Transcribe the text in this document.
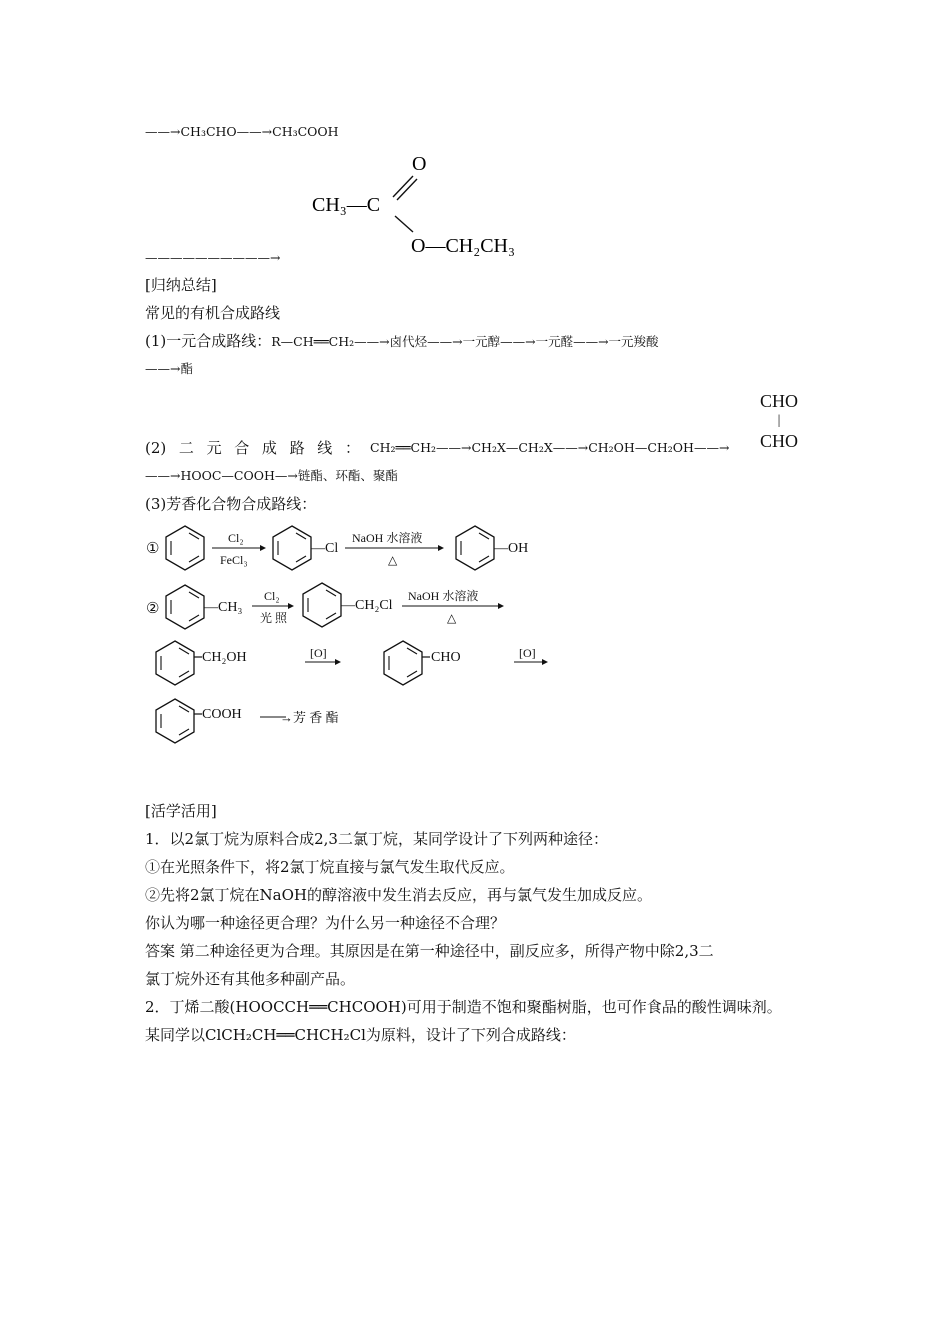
——→CH₃CHO——→CH₃COOH
O
CH₃—C
O—CH₂CH₃
——————————→
[归纳总结]
常见的有机合成路线
(1)一元合成路线：R—CH══CH₂——→卤代烃——→一元醇——→一元醛——→一元羧酸
——→酯
CHO
|
CHO
(2) 二 元 合 成 路 线 ： CH₂══CH₂——→CH₂X—CH₂X——→CH₂OH—CH₂OH——→
——→HOOC—COOH—→链酯、环酯、聚酯
(3)芳香化合物合成路线：
①
Cl₂
FeCl₃
—Cl
NaOH 水溶液
△
—OH
②	—CH₃
Cl₂
光 照
—CH₂Cl
NaOH 水溶液
△
CH₂OH	[O]	CHO	[O]
COOH	→芳 香 酯
[活学活用]
1．以2氯丁烷为原料合成2,3二氯丁烷，某同学设计了下列两种途径：
①在光照条件下，将2氯丁烷直接与氯气发生取代反应。
②先将2氯丁烷在NaOH的醇溶液中发生消去反应，再与氯气发生加成反应。
你认为哪一种途径更合理？为什么另一种途径不合理？
答案 第二种途径更为合理。其原因是在第一种途径中，副反应多，所得产物中除2,3二
氯丁烷外还有其他多种副产品。
2．丁烯二酸(HOOCCH══CHCOOH)可用于制造不饱和聚酯树脂，也可作食品的酸性调味剂。
某同学以ClCH₂CH══CHCH₂Cl为原料，设计了下列合成路线：
